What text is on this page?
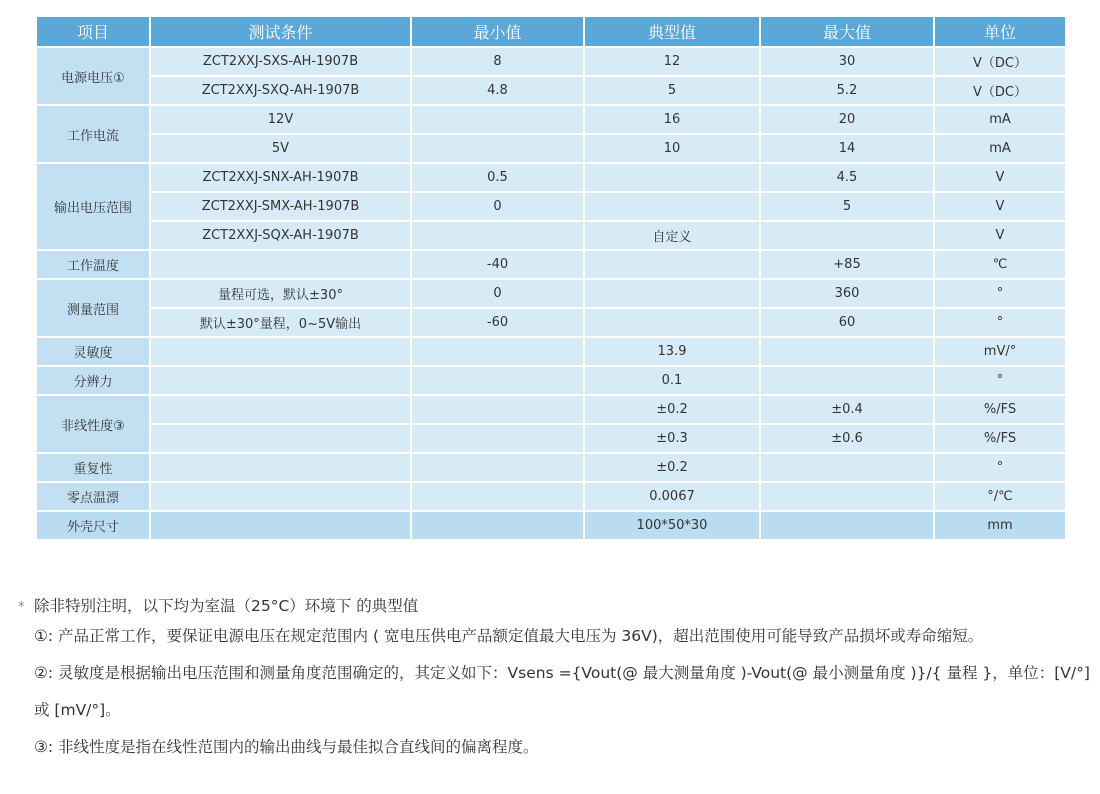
项目	测试条件	最小值	典型值	最大值	单位
电源电压①	ZCT2XXJ-SXS-AH-1907B	8	12	30	V（DC）
	ZCT2XXJ-SXQ-AH-1907B	4.8	5	5.2	V（DC）
工作电流	12V		16	20	mA
	5V		10	14	mA
输出电压范围	ZCT2XXJ-SNX-AH-1907B	0.5		4.5	V
	ZCT2XXJ-SMX-AH-1907B	0		5	V
	ZCT2XXJ-SQX-AH-1907B		自定义		V
工作温度		-40		+85	℃
测量范围	量程可选，默认±30°	0		360	°
	默认±30°量程，0~5V输出	-60		60	°
灵敏度			13.9		mV/°
分辨力			0.1		°
非线性度③			±0.2	±0.4	%/FS
			±0.3	±0.6	%/FS
重复性			±0.2		°
零点温漂			0.0067		°/℃
外壳尺寸			100*50*30		mm
* 除非特别注明，以下均为室温（25°C）环境下 的典型值
①: 产品正常工作，要保证电源电压在规定范围内 ( 宽电压供电产品额定值最大电压为 36V)，超出范围使用可能导致产品损坏或寿命缩短。
②: 灵敏度是根据输出电压范围和测量角度范围确定的，其定义如下：Vsens ={Vout(@ 最大测量角度 )-Vout(@ 最小测量角度 )}/{ 量程 }，单位：[V/°] 或 [mV/°]。
③: 非线性度是指在线性范围内的输出曲线与最佳拟合直线间的偏离程度。
